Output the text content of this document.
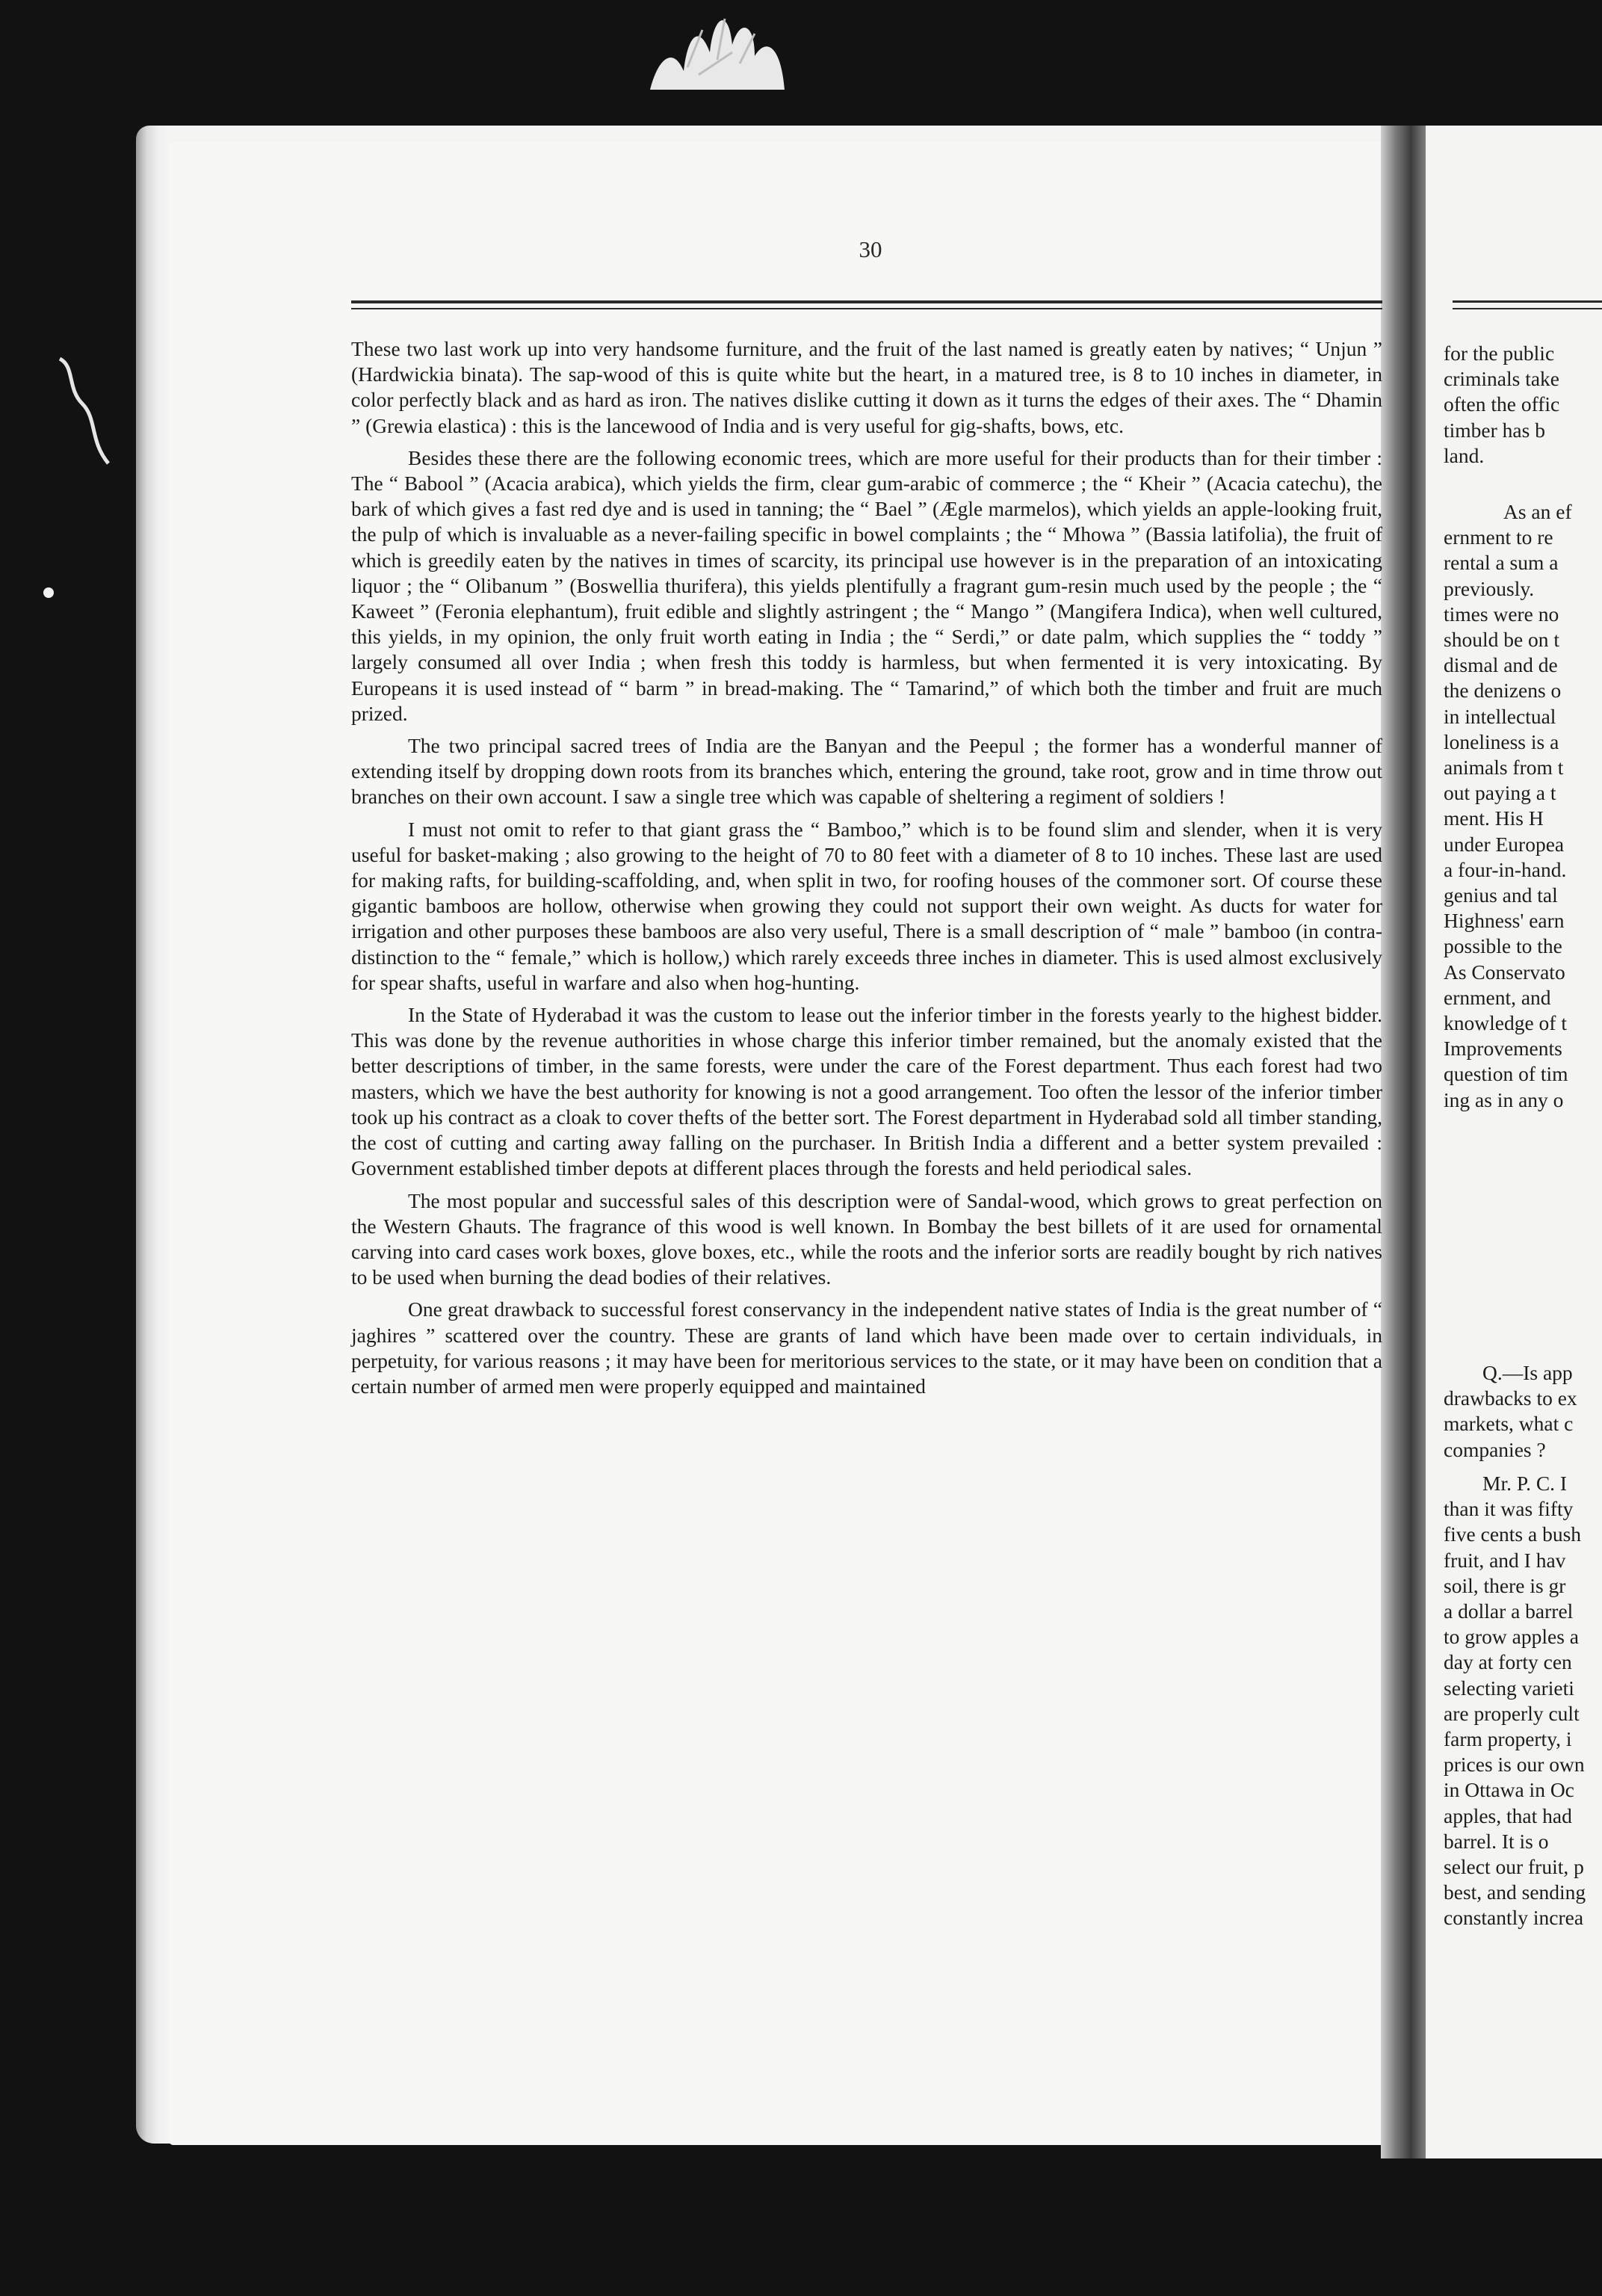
30

These two last work up into very handsome furniture, and the fruit of the last named is greatly eaten by natives; “ Unjun ” (Hardwickia binata). The sap-wood of this is quite white but the heart, in a matured tree, is 8 to 10 inches in diameter, in color perfectly black and as hard as iron. The natives dislike cutting it down as it turns the edges of their axes. The “ Dhamin ” (Grewia elastica) : this is the lancewood of India and is very useful for gig-shafts, bows, etc.

Besides these there are the following economic trees, which are more useful for their products than for their timber : The “ Babool ” (Acacia arabica), which yields the firm, clear gum-arabic of commerce ; the “ Kheir ” (Acacia catechu), the bark of which gives a fast red dye and is used in tanning; the “ Bael ” (Ægle marmelos), which yields an apple-looking fruit, the pulp of which is invaluable as a never-failing specific in bowel complaints ; the “ Mhowa ” (Bassia latifolia), the fruit of which is greedily eaten by the natives in times of scarcity, its principal use however is in the preparation of an intoxicating liquor ; the “ Olibanum ” (Boswellia thurifera), this yields plentifully a fragrant gum-resin much used by the people ; the “ Kaweet ” (Feronia elephantum), fruit edible and slightly astringent ; the “ Mango ” (Mangifera Indica), when well cultured, this yields, in my opinion, the only fruit worth eating in India ; the “ Serdi,” or date palm, which supplies the “ toddy ” largely consumed all over India ; when fresh this toddy is harmless, but when fermented it is very intoxicating. By Europeans it is used instead of “ barm ” in bread-making. The “ Tamarind,” of which both the timber and fruit are much prized.

The two principal sacred trees of India are the Banyan and the Peepul ; the former has a wonderful manner of extending itself by dropping down roots from its branches which, entering the ground, take root, grow and in time throw out branches on their own account. I saw a single tree which was capable of sheltering a regiment of soldiers !

I must not omit to refer to that giant grass the “ Bamboo,” which is to be found slim and slender, when it is very useful for basket-making ; also growing to the height of 70 to 80 feet with a diameter of 8 to 10 inches. These last are used for making rafts, for building-scaffolding, and, when split in two, for roofing houses of the commoner sort. Of course these gigantic bamboos are hollow, otherwise when growing they could not support their own weight. As ducts for water for irrigation and other purposes these bamboos are also very useful, There is a small description of “ male ” bamboo (in contra-distinction to the “ female,” which is hollow,) which rarely exceeds three inches in diameter. This is used almost exclusively for spear shafts, useful in warfare and also when hog-hunting.

In the State of Hyderabad it was the custom to lease out the inferior timber in the forests yearly to the highest bidder. This was done by the revenue authorities in whose charge this inferior timber remained, but the anomaly existed that the better descriptions of timber, in the same forests, were under the care of the Forest department. Thus each forest had two masters, which we have the best authority for knowing is not a good arrangement. Too often the lessor of the inferior timber took up his contract as a cloak to cover thefts of the better sort. The Forest department in Hyderabad sold all timber standing, the cost of cutting and carting away falling on the purchaser. In British India a different and a better system prevailed : Government established timber depots at different places through the forests and held periodical sales.

The most popular and successful sales of this description were of Sandal-wood, which grows to great perfection on the Western Ghauts. The fragrance of this wood is well known. In Bombay the best billets of it are used for ornamental carving into card cases work boxes, glove boxes, etc., while the roots and the inferior sorts are readily bought by rich natives to be used when burning the dead bodies of their relatives.

One great drawback to successful forest conservancy in the independent native states of India is the great number of “ jaghires ” scattered over the country. These are grants of land which have been made over to certain individuals, in perpetuity, for various reasons ; it may have been for meritorious services to the state, or it may have been on condition that a certain number of armed men were properly equipped and maintained

for the public
criminals take
often the offic
timber has b
land.
As an ef
ernment to re
rental a sum a
previously.
times were no
should be on t
dismal and de
the denizens o
in intellectual
loneliness is a
animals from t
out paying a t
ment. His H
under Europea
a four-in-hand.
genius and tal
Highness' earn
possible to the
As Conservato
ernment, and
knowledge of t
Improvements
question of tim
ing as in any o
Q.—Is app
drawbacks to ex
markets, what c
companies ?
Mr. P. C. I
than it was fifty
five cents a bush
fruit, and I hav
soil, there is gr
a dollar a barrel
to grow apples a
day at forty cen
selecting varieti
are properly cult
farm property, i
prices is our own
in Ottawa in Oc
apples, that had
barrel. It is o
select our fruit, p
best, and sending
constantly increa
